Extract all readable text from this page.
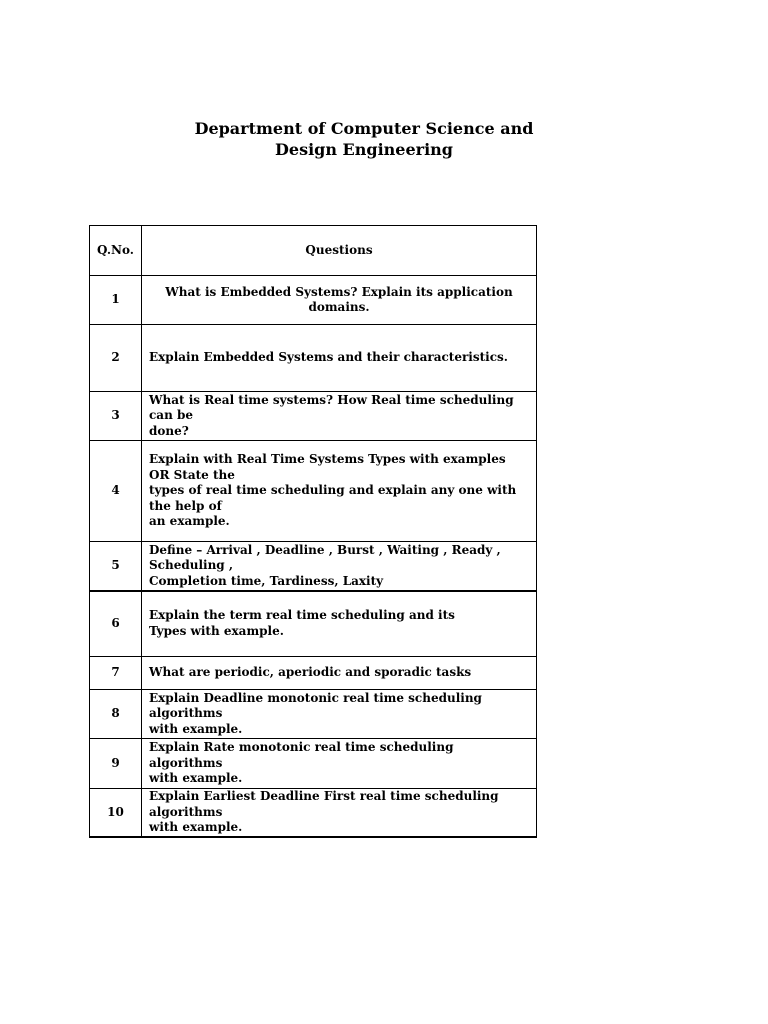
Department of Computer Science and
Design Engineering
Q.No.	Questions
1	What is Embedded Systems? Explain its application domains.

2	Explain Embedded Systems and their characteristics.

3	What is Real time systems? How Real time scheduling can be
done?

4	Explain with Real Time Systems Types with examples OR State the
types of real time scheduling and explain any one with the help of
an example.

5	Define – Arrival , Deadline , Burst , Waiting , Ready , Scheduling ,
Completion time, Tardiness, Laxity

6	Explain the term real time scheduling and its
Types with example.

7	What are periodic, aperiodic and sporadic tasks

8	Explain Deadline monotonic real time scheduling algorithms
with example.

9	Explain Rate monotonic real time scheduling algorithms
with example.

10	Explain Earliest Deadline First real time scheduling algorithms
with example.
